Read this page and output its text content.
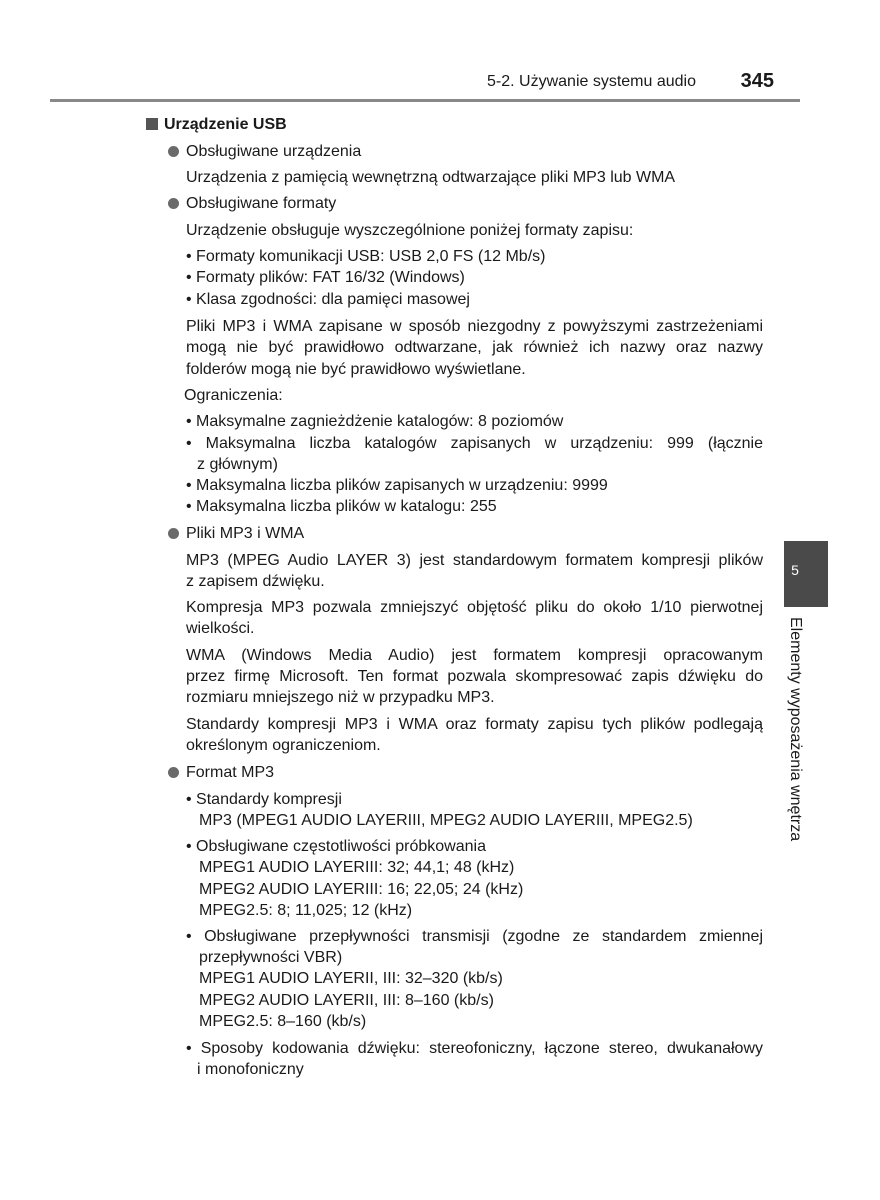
5-2. Używanie systemu audio	345
5
Elementy wyposażenia wnętrza
Urządzenie USB
Obsługiwane urządzenia
Urządzenia z pamięcią wewnętrzną odtwarzające pliki MP3 lub WMA
Obsługiwane formaty
Urządzenie obsługuje wyszczególnione poniżej formaty zapisu:
• Formaty komunikacji USB: USB 2,0 FS (12 Mb/s)
• Formaty plików: FAT 16/32 (Windows)
• Klasa zgodności: dla pamięci masowej
Pliki MP3 i WMA zapisane w sposób niezgodny z powyższymi zastrzeżeniami
mogą nie być prawidłowo odtwarzane, jak również ich nazwy oraz nazwy
folderów mogą nie być prawidłowo wyświetlane.
Ograniczenia:
• Maksymalne zagnieżdżenie katalogów: 8 poziomów
• Maksymalna liczba katalogów zapisanych w urządzeniu: 999 (łącznie
z głównym)
• Maksymalna liczba plików zapisanych w urządzeniu: 9999
• Maksymalna liczba plików w katalogu: 255
Pliki MP3 i WMA
MP3 (MPEG Audio LAYER 3) jest standardowym formatem kompresji plików
z zapisem dźwięku.
Kompresja MP3 pozwala zmniejszyć objętość pliku do około 1/10 pierwotnej
wielkości.
WMA (Windows Media Audio) jest formatem kompresji opracowanym
przez firmę Microsoft. Ten format pozwala skompresować zapis dźwięku do
rozmiaru mniejszego niż w przypadku MP3.
Standardy kompresji MP3 i WMA oraz formaty zapisu tych plików podlegają
określonym ograniczeniom.
Format MP3
• Standardy kompresji
MP3 (MPEG1 AUDIO LAYERIII, MPEG2 AUDIO LAYERIII, MPEG2.5)
• Obsługiwane częstotliwości próbkowania
MPEG1 AUDIO LAYERIII: 32; 44,1; 48 (kHz)
MPEG2 AUDIO LAYERIII: 16; 22,05; 24 (kHz)
MPEG2.5: 8; 11,025; 12 (kHz)
• Obsługiwane przepływności transmisji (zgodne ze standardem zmiennej
przepływności VBR)
MPEG1 AUDIO LAYERII, III: 32–320 (kb/s)
MPEG2 AUDIO LAYERII, III: 8–160 (kb/s)
MPEG2.5: 8–160 (kb/s)
• Sposoby kodowania dźwięku: stereofoniczny, łączone stereo, dwukanałowy
i monofoniczny
